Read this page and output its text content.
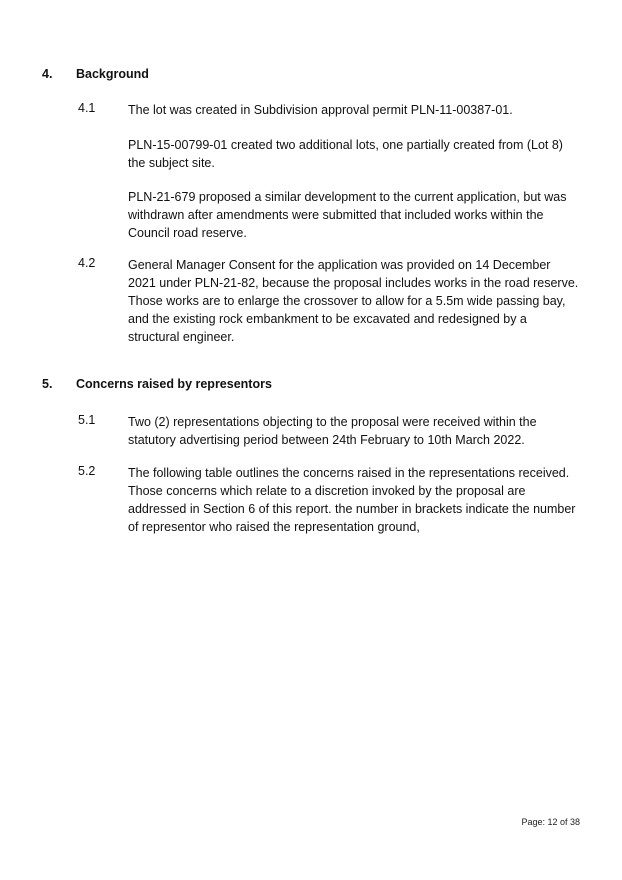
4. Background
4.1	The lot was created in Subdivision approval permit PLN-11-00387-01.
PLN-15-00799-01 created two additional lots, one partially created from (Lot 8) the subject site.
PLN-21-679 proposed a similar development to the current application, but was withdrawn after amendments were submitted that included works within the Council road reserve.
4.2	General Manager Consent for the application was provided on 14 December 2021 under PLN-21-82, because the proposal includes works in the road reserve. Those works are to enlarge the crossover to allow for a 5.5m wide passing bay, and the existing rock embankment to be excavated and redesigned by a structural engineer.
5. Concerns raised by representors
5.1	Two (2) representations objecting to the proposal were received within the statutory advertising period between 24th February to 10th March 2022.
5.2	The following table outlines the concerns raised in the representations received. Those concerns which relate to a discretion invoked by the proposal are addressed in Section 6 of this report. the number in brackets indicate the number of representor who raised the representation ground,
Page: 12 of 38
